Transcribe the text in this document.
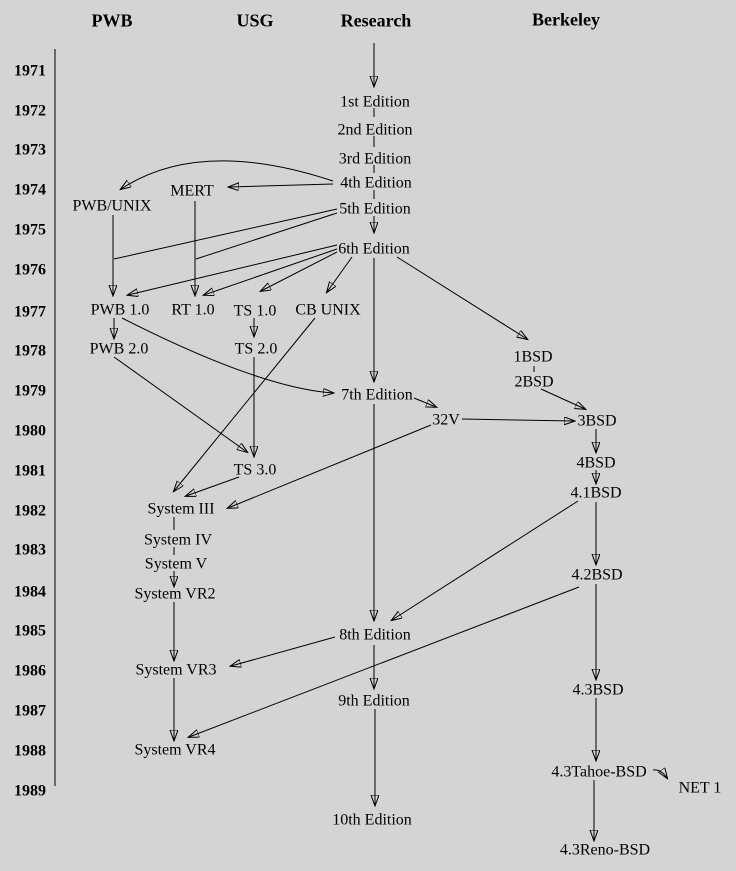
1971
1972
1973
1974
1975
1976
1977
1978
1979
1980
1981
1982
1983
1984
1985
1986
1987
1988
1989
PWB	USG	Research	Berkeley
1st Edition
2nd Edition
3rd Edition
4th Edition
5th Edition
6th Edition
7th Edition
8th Edition
9th Edition
10th Edition
MERT
PWB/UNIX
PWB 1.0 RT 1.0 TS 1.0 CB UNIX
PWB 2.0	TS 2.0
TS 3.0
System III
System IV
System V
System VR2
System VR3
System VR4
1BSD
2BSD
32V	3BSD
4BSD
4.1BSD
4.2BSD
4.3BSD
4.3Tahoe-BSD
NET 1
4.3Reno-BSD
